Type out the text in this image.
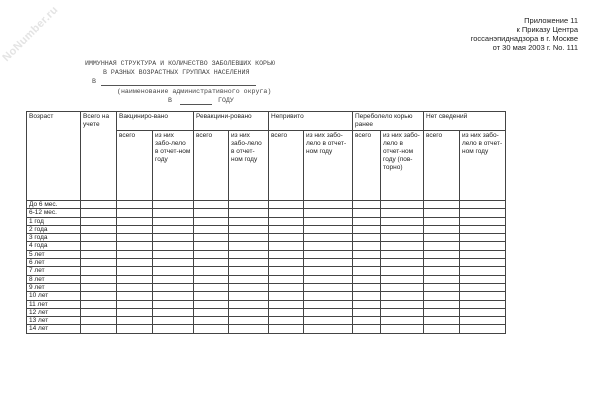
NoNumber.ru	Приложение 11
к Приказу Центра
госсанэпиднадзора в г. Москве
от 30 мая 2003 г. No. 111
ИММУННАЯ СТРУКТУРА И КОЛИЧЕСТВО ЗАБОЛЕВШИХ КОРЬЮ
В РАЗНЫХ ВОЗРАСТНЫХ ГРУППАХ НАСЕЛЕНИЯ
В
(наименование административного округа)
В	ГОДУ
Возраст	Всего на учете	Вакциниро-вано		Ревакцини-ровано		Непривито		Переболело корью ранее		Нет сведений	
		всего	из них забо-лело в отчет-ном году	всего	из них забо-лело в отчет-ном году	всего	из них забо-лело в отчет-ном году	всего	из них забо-лело в отчет-ном году (пов-торно)	всего	из них забо-лело в отчет-ном году
До 6 мес.											
6-12 мес.											
1 год											
2 года											
3 года											
4 года											
5 лет											
6 лет											
7 лет											
8 лет											
9 лет											
10 лет											
11 лет											
12 лет											
13 лет											
14 лет											
